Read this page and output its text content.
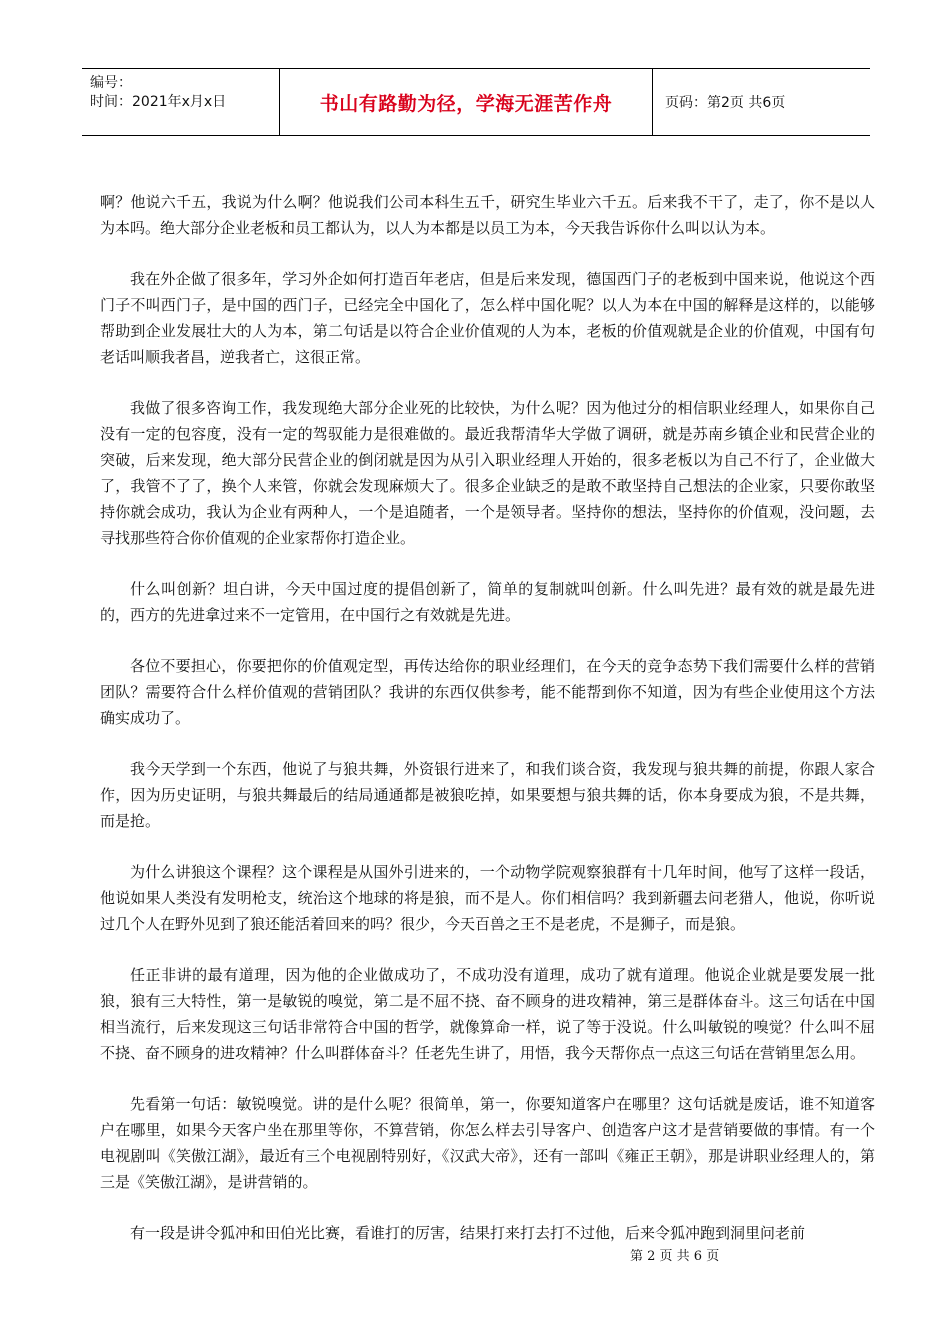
编号：
时间：2021年x月x日	书山有路勤为径，学海无涯苦作舟	页码：第2页 共6页

啊？他说六千五，我说为什么啊？他说我们公司本科生五千，研究生毕业六千五。后来我不干了，走了，你不是以人为本吗。绝大部分企业老板和员工都认为，以人为本都是以员工为本，今天我告诉你什么叫以认为本。

我在外企做了很多年，学习外企如何打造百年老店，但是后来发现，德国西门子的老板到中国来说，他说这个西门子不叫西门子，是中国的西门子，已经完全中国化了，怎么样中国化呢？以人为本在中国的解释是这样的，以能够帮助到企业发展壮大的人为本，第二句话是以符合企业价值观的人为本，老板的价值观就是企业的价值观，中国有句老话叫顺我者昌，逆我者亡，这很正常。

我做了很多咨询工作，我发现绝大部分企业死的比较快，为什么呢？因为他过分的相信职业经理人，如果你自己没有一定的包容度，没有一定的驾驭能力是很难做的。最近我帮清华大学做了调研，就是苏南乡镇企业和民营企业的突破，后来发现，绝大部分民营企业的倒闭就是因为从引入职业经理人开始的，很多老板以为自己不行了，企业做大了，我管不了了，换个人来管，你就会发现麻烦大了。很多企业缺乏的是敢不敢坚持自己想法的企业家，只要你敢坚持你就会成功，我认为企业有两种人，一个是追随者，一个是领导者。坚持你的想法，坚持你的价值观，没问题，去寻找那些符合你价值观的企业家帮你打造企业。

什么叫创新？坦白讲，今天中国过度的提倡创新了，简单的复制就叫创新。什么叫先进？最有效的就是最先进的，西方的先进拿过来不一定管用，在中国行之有效就是先进。

各位不要担心，你要把你的价值观定型，再传达给你的职业经理们，在今天的竞争态势下我们需要什么样的营销团队？需要符合什么样价值观的营销团队？我讲的东西仅供参考，能不能帮到你不知道，因为有些企业使用这个方法确实成功了。

我今天学到一个东西，他说了与狼共舞，外资银行进来了，和我们谈合资，我发现与狼共舞的前提，你跟人家合作，因为历史证明，与狼共舞最后的结局通通都是被狼吃掉，如果要想与狼共舞的话，你本身要成为狼，不是共舞，而是抢。

为什么讲狼这个课程？这个课程是从国外引进来的，一个动物学院观察狼群有十几年时间，他写了这样一段话，他说如果人类没有发明枪支，统治这个地球的将是狼，而不是人。你们相信吗？我到新疆去问老猎人，他说，你听说过几个人在野外见到了狼还能活着回来的吗？很少，今天百兽之王不是老虎，不是狮子，而是狼。

任正非讲的最有道理，因为他的企业做成功了，不成功没有道理，成功了就有道理。他说企业就是要发展一批狼，狼有三大特性，第一是敏锐的嗅觉，第二是不屈不挠、奋不顾身的进攻精神，第三是群体奋斗。这三句话在中国相当流行，后来发现这三句话非常符合中国的哲学，就像算命一样，说了等于没说。什么叫敏锐的嗅觉？什么叫不屈不挠、奋不顾身的进攻精神？什么叫群体奋斗？任老先生讲了，用悟，我今天帮你点一点这三句话在营销里怎么用。

先看第一句话：敏锐嗅觉。讲的是什么呢？很简单，第一，你要知道客户在哪里？这句话就是废话，谁不知道客户在哪里，如果今天客户坐在那里等你，不算营销，你怎么样去引导客户、创造客户这才是营销要做的事情。有一个电视剧叫《笑傲江湖》，最近有三个电视剧特别好，《汉武大帝》，还有一部叫《雍正王朝》，那是讲职业经理人的，第三是《笑傲江湖》，是讲营销的。

有一段是讲令狐冲和田伯光比赛，看谁打的厉害，结果打来打去打不过他，后来令狐冲跑到洞里问老前

第 2 页 共 6 页
